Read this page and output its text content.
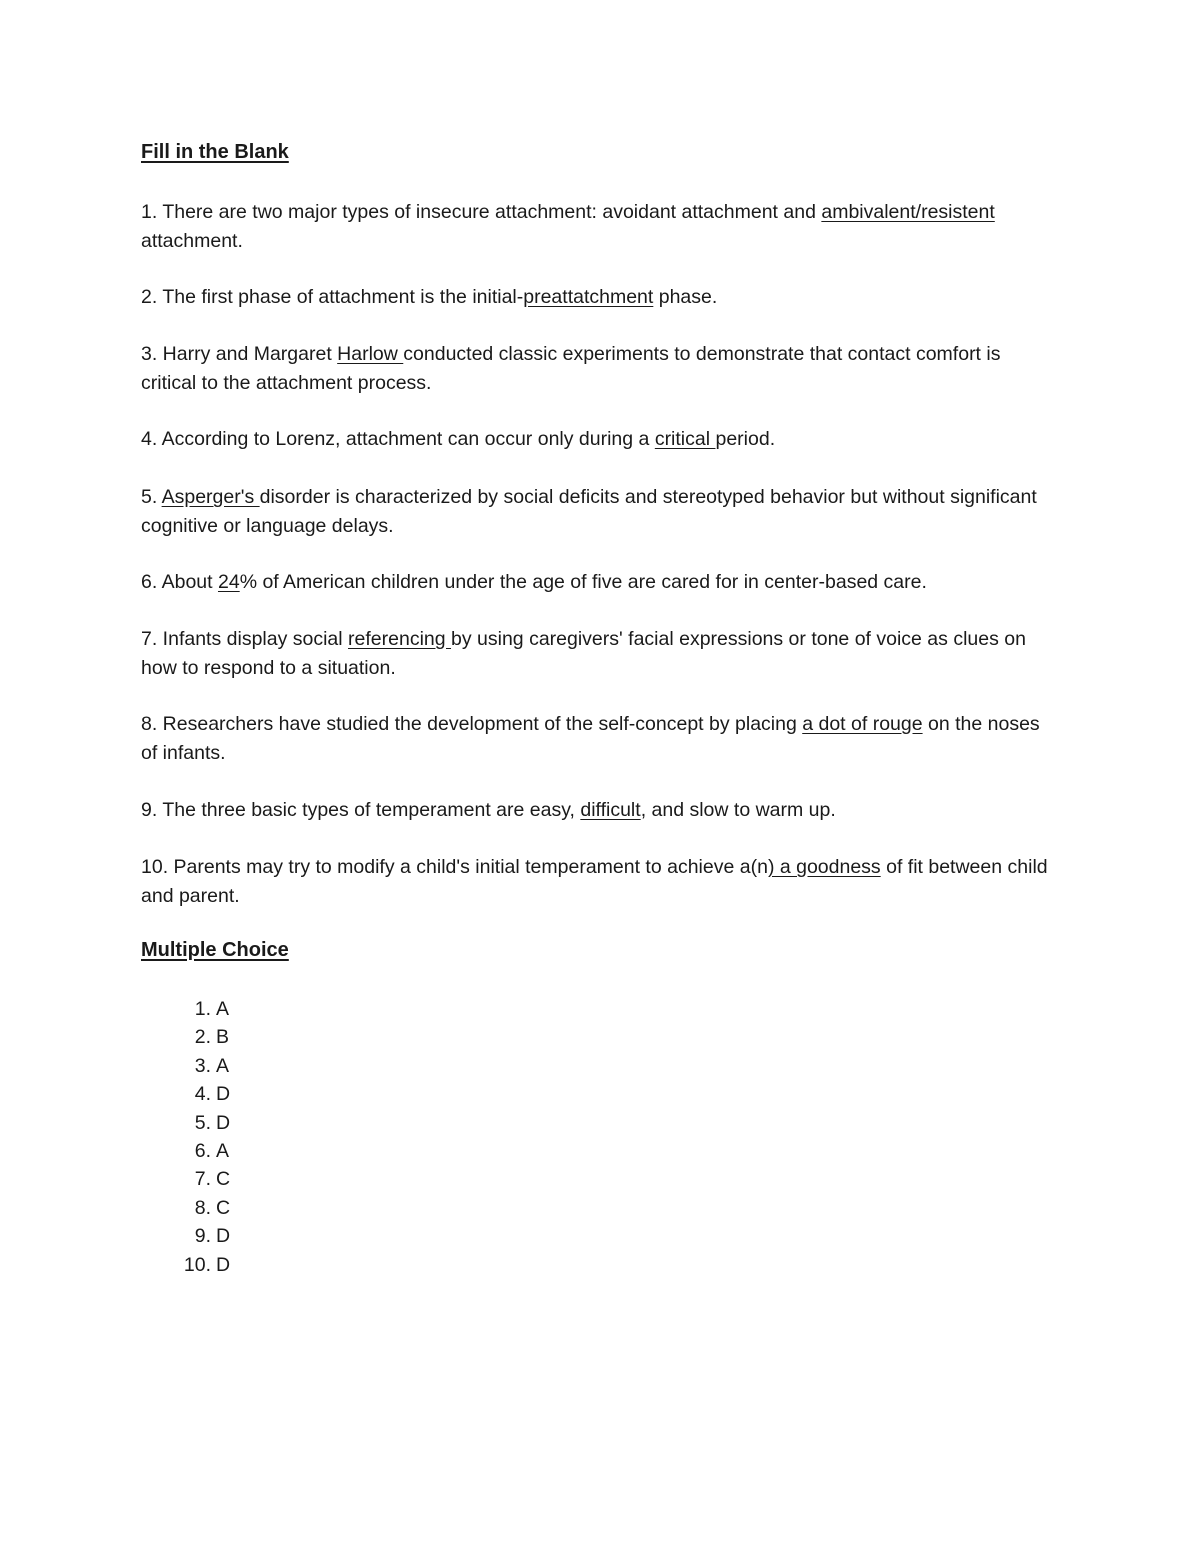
Fill in the Blank

1. There are two major types of insecure attachment: avoidant attachment and ambivalent/resistent attachment.

2. The first phase of attachment is the initial-preattatchment phase.

3. Harry and Margaret Harlow conducted classic experiments to demonstrate that contact comfort is critical to the attachment process.

4. According to Lorenz, attachment can occur only during a critical period.

5. Asperger's disorder is characterized by social deficits and stereotyped behavior but without significant cognitive or language delays.

6. About 24% of American children under the age of five are cared for in center-based care.

7. Infants display social referencing by using caregivers' facial expressions or tone of voice as clues on how to respond to a situation.

8. Researchers have studied the development of the self-concept by placing a dot of rouge on the noses of infants.

9. The three basic types of temperament are easy, difficult, and slow to warm up.

10. Parents may try to modify a child's initial temperament to achieve a(n) a goodness of fit between child and parent.

Multiple Choice
1. A
2. B
3. A
4. D
5. D
6. A
7. C
8. C
9. D
10. D
